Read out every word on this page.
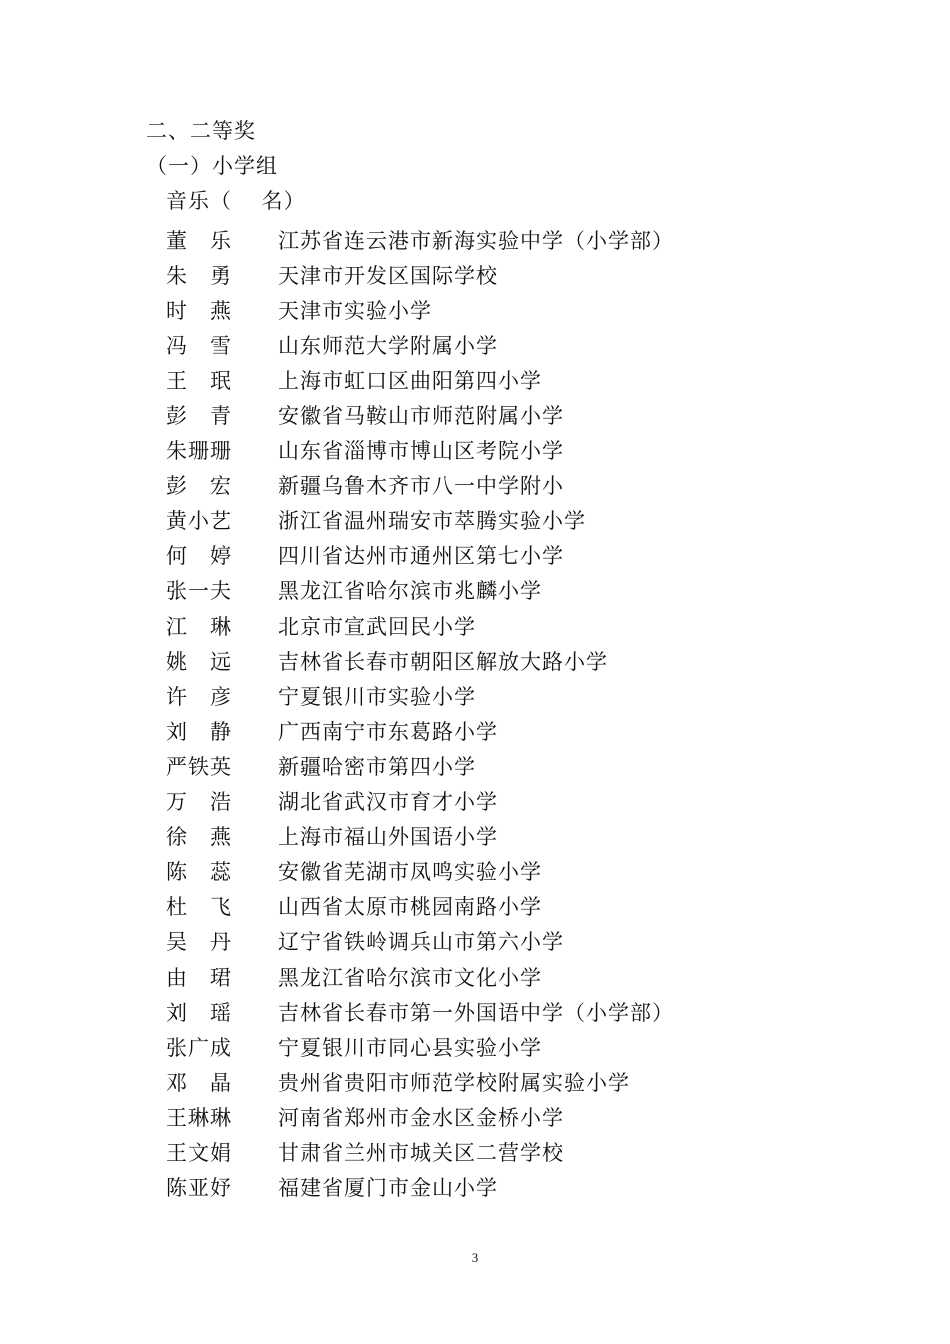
二、二等奖
（一）小学组
音乐（　 名）
董　乐	江苏省连云港市新海实验中学（小学部）
朱　勇	天津市开发区国际学校
时　燕	天津市实验小学
冯　雪	山东师范大学附属小学
王　珉	上海市虹口区曲阳第四小学
彭　青	安徽省马鞍山市师范附属小学
朱珊珊	山东省淄博市博山区考院小学
彭　宏	新疆乌鲁木齐市八一中学附小
黄小艺	浙江省温州瑞安市萃腾实验小学
何　婷	四川省达州市通州区第七小学
张一夫	黑龙江省哈尔滨市兆麟小学
江　琳	北京市宣武回民小学
姚　远	吉林省长春市朝阳区解放大路小学
许　彦	宁夏银川市实验小学
刘　静	广西南宁市东葛路小学
严铁英	新疆哈密市第四小学
万　浩	湖北省武汉市育才小学
徐　燕	上海市福山外国语小学
陈　蕊	安徽省芜湖市凤鸣实验小学
杜　飞	山西省太原市桃园南路小学
吴　丹	辽宁省铁岭调兵山市第六小学
由　珺	黑龙江省哈尔滨市文化小学
刘　瑶	吉林省长春市第一外国语中学（小学部）
张广成	宁夏银川市同心县实验小学
邓　晶	贵州省贵阳市师范学校附属实验小学
王琳琳	河南省郑州市金水区金桥小学
王文娟	甘肃省兰州市城关区二营学校
陈亚妤	福建省厦门市金山小学
3
